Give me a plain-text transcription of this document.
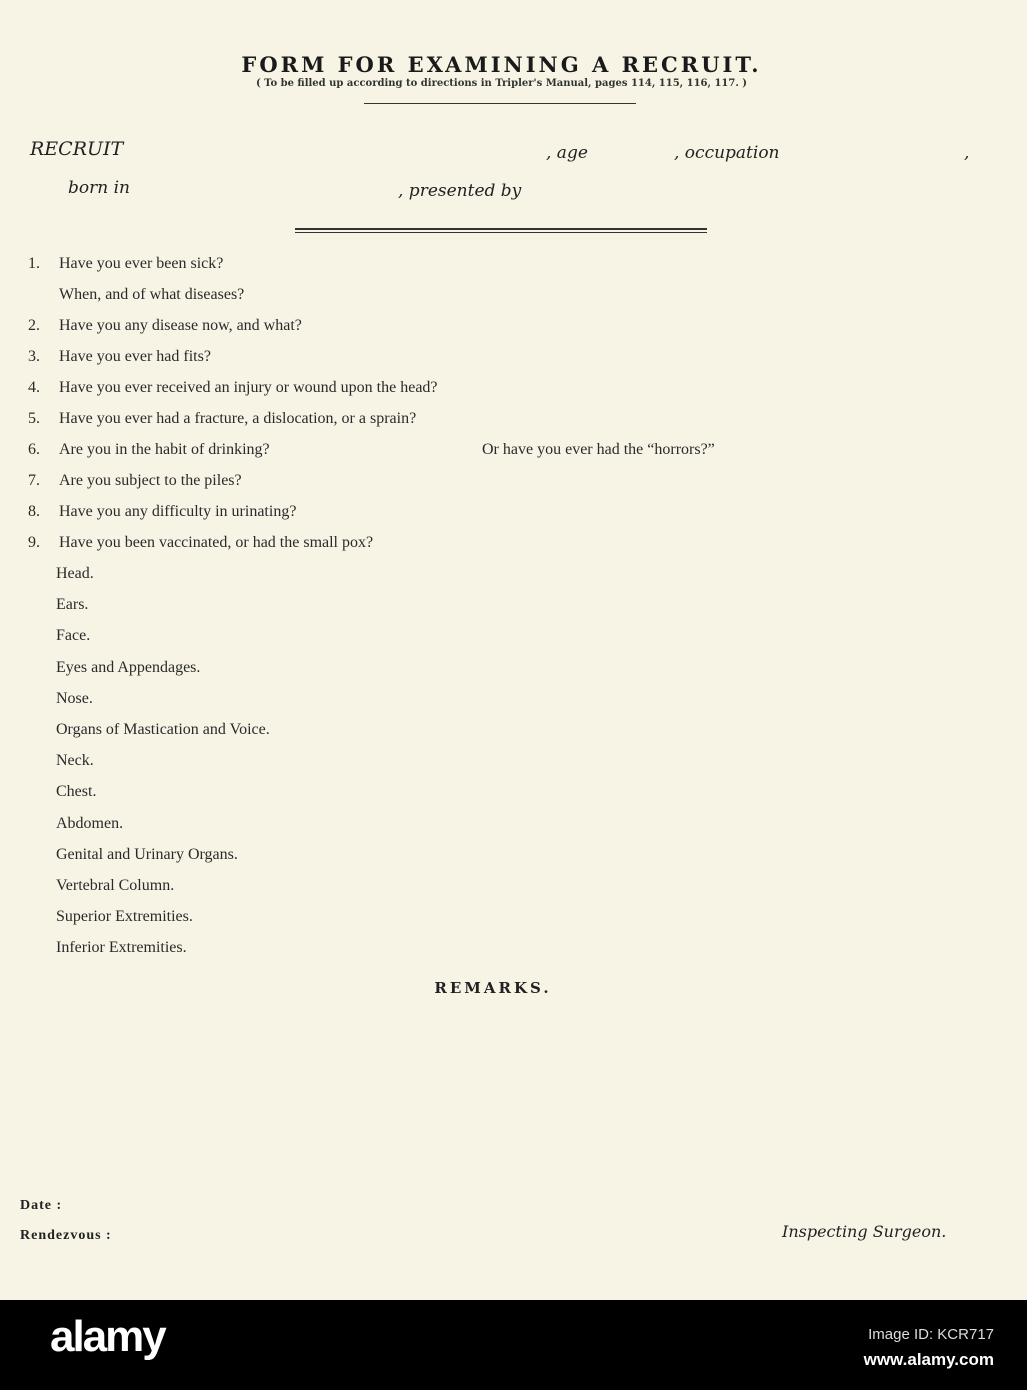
FORM FOR EXAMINING A RECRUIT.
( To be filled up according to directions in Tripler's Manual, pages 114, 115, 116, 117. )
RECRUIT	, age	, occupation	,
born in	, presented by
1. Have you ever been sick?
When, and of what diseases?
2. Have you any disease now, and what?
3. Have you ever had fits?
4. Have you ever received an injury or wound upon the head?
5. Have you ever had a fracture, a dislocation, or a sprain?
6. Are you in the habit of drinking?	Or have you ever had the “horrors?”
7. Are you subject to the piles?
8. Have you any difficulty in urinating?
9. Have you been vaccinated, or had the small pox?
Head.
Ears.
Face.
Eyes and Appendages.
Nose.
Organs of Mastication and Voice.
Neck.
Chest.
Abdomen.
Genital and Urinary Organs.
Vertebral Column.
Superior Extremities.
Inferior Extremities.
REMARKS.
Date :
Rendezvous :	Inspecting Surgeon.
alamy	Image ID: KCR717
www.alamy.com
